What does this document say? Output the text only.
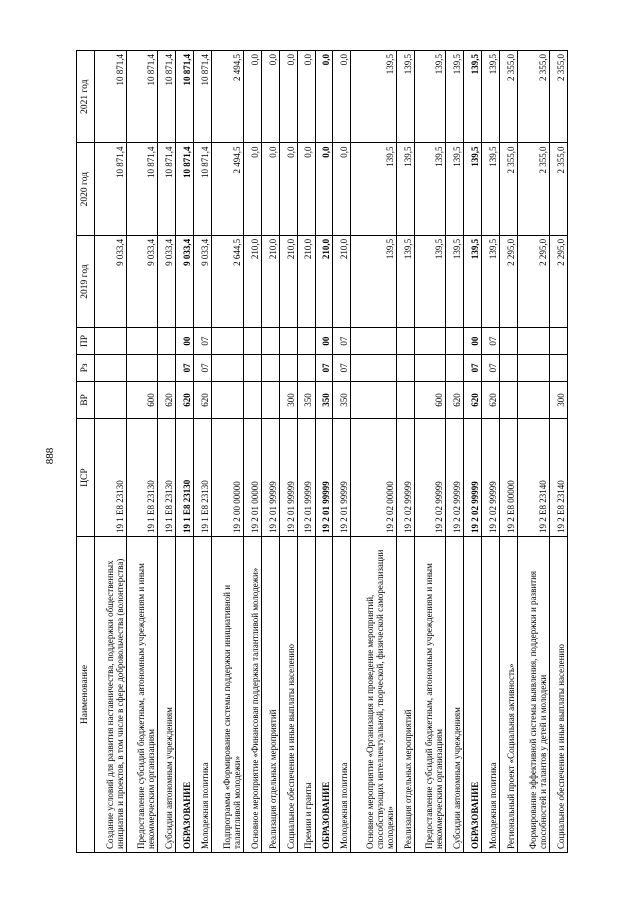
888
Наименование	ЦСР	ВР	Рз	ПР	2019 год	2020 год	2021 год
Создание условий для развития наставничества, поддержки общественных инициатив и проектов, в том числе в сфере добровольчества (волонтерства)	19 1 E8 23130				9 033,4	10 871,4	10 871,4
Предоставление субсидий бюджетным, автономным учреждениям и иным некоммерческим организациям	19 1 E8 23130	600			9 033,4	10 871,4	10 871,4
Субсидии автономным учреждениям	19 1 E8 23130	620			9 033,4	10 871,4	10 871,4
ОБРАЗОВАНИЕ	19 1 E8 23130	620	07	00	9 033,4	10 871,4	10 871,4
Молодежная политика	19 1 E8 23130	620	07	07	9 033,4	10 871,4	10 871,4
Подпрограмма «Формирование системы поддержки инициативной и талантливой молодежи»	19 2 00 00000				2 644,5	2 494,5	2 494,5
Основное мероприятие «Финансовая поддержка талантливой молодежи»	19 2 01 00000				210,0	0,0	0,0
Реализация отдельных мероприятий	19 2 01 99999				210,0	0,0	0,0
Социальное обеспечение и иные выплаты населению	19 2 01 99999	300			210,0	0,0	0,0
Премии и гранты	19 2 01 99999	350			210,0	0,0	0,0
ОБРАЗОВАНИЕ	19 2 01 99999	350	07	00	210,0	0,0	0,0
Молодежная политика	19 2 01 99999	350	07	07	210,0	0,0	0,0
Основное мероприятие «Организация и проведение мероприятий, способствующих интеллектуальной, творческой, физической самореализации молодежи»	19 2 02 00000				139,5	139,5	139,5
Реализация отдельных мероприятий	19 2 02 99999				139,5	139,5	139,5
Предоставление субсидий бюджетным, автономным учреждениям и иным некоммерческим организациям	19 2 02 99999	600			139,5	139,5	139,5
Субсидии автономным учреждениям	19 2 02 99999	620			139,5	139,5	139,5
ОБРАЗОВАНИЕ	19 2 02 99999	620	07	00	139,5	139,5	139,5
Молодежная политика	19 2 02 99999	620	07	07	139,5	139,5	139,5
Региональный проект «Социальная активность»	19 2 E8 00000				2 295,0	2 355,0	2 355,0
Формирование эффективной системы выявления, поддержки и развития способностей и талантов у детей и молодежи	19 2 E8 23140				2 295,0	2 355,0	2 355,0
Социальное обеспечение и иные выплаты населению	19 2 E8 23140	300			2 295,0	2 355,0	2 355,0
